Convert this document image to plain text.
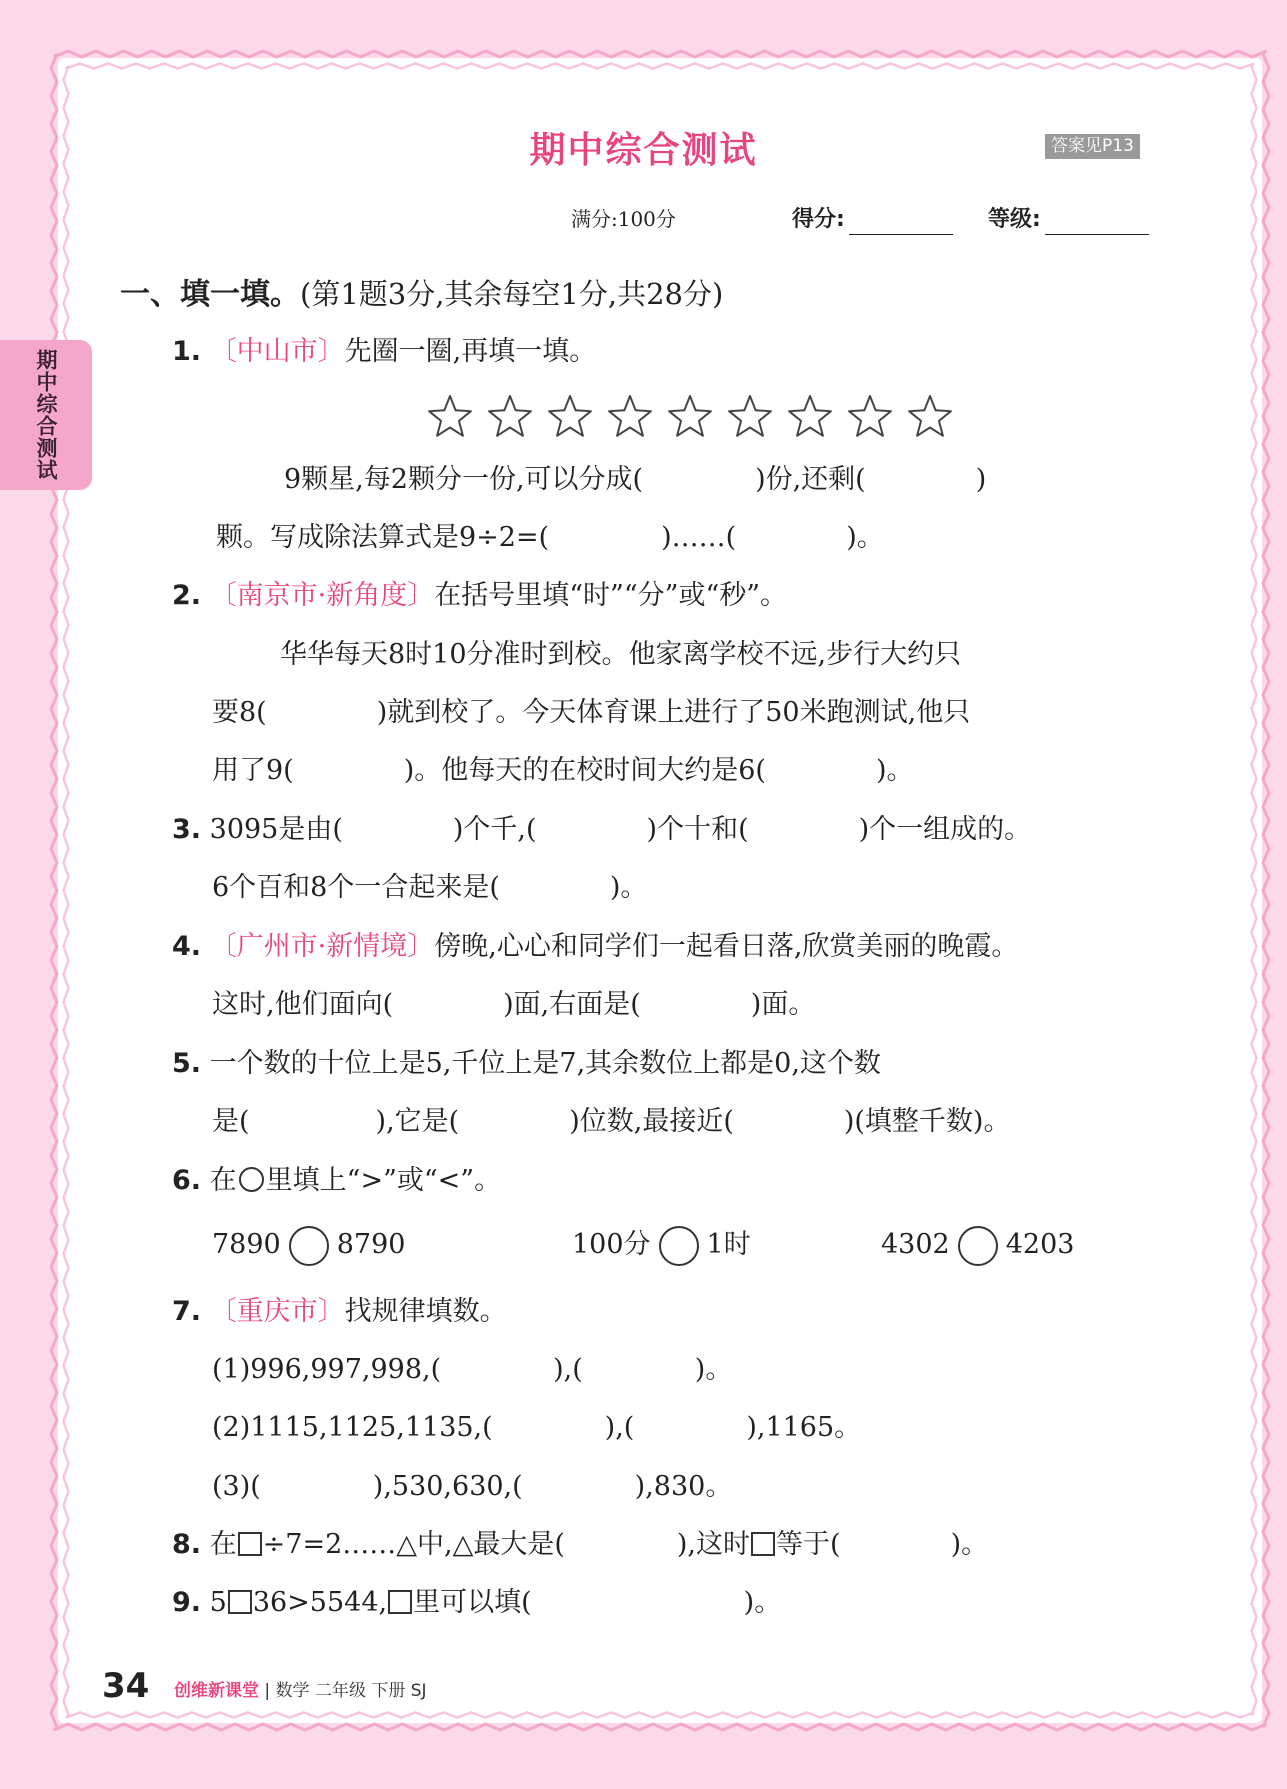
期中综合测试
期中综合测试	答案见P13
满分:100分	得分:	等级:
一、填一填。(第1题3分,其余每空1分,共28分)
1. 〔中山市〕先圈一圈,再填一填。
9颗星,每2颗分一份,可以分成(	)份,还剩(	)
颗。写成除法算式是9÷2=(	)……(	)。
2. 〔南京市·新角度〕在括号里填“时”“分”或“秒”。
华华每天8时10分准时到校。他家离学校不远,步行大约只
要8(	)就到校了。今天体育课上进行了50米跑测试,他只
用了9(	)。他每天的在校时间大约是6(	)。
3. 3095是由(	)个千,(	)个十和(	)个一组成的。
6个百和8个一合起来是(	)。
4. 〔广州市·新情境〕傍晚,心心和同学们一起看日落,欣赏美丽的晚霞。
这时,他们面向(	)面,右面是(	)面。
5. 一个数的十位上是5,千位上是7,其余数位上都是0,这个数
是(	),它是(	)位数,最接近(	)(填整千数)。
6. 在 里填上“>”或“<”。
7890 8790	100分 1时	4302 4203
7. 〔重庆市〕找规律填数。
(1)996,997,998,(	),(	)。
(2)1115,1125,1135,(	),(	),1165。
(3)(	),530,630,(	),830。
8. 在 ÷7=2……△中,△最大是(	),这时 等于(	)。
9. 5 36>5544, 里可以填(	)。
34 创维新课堂 | 数学 二年级 下册 SJ
